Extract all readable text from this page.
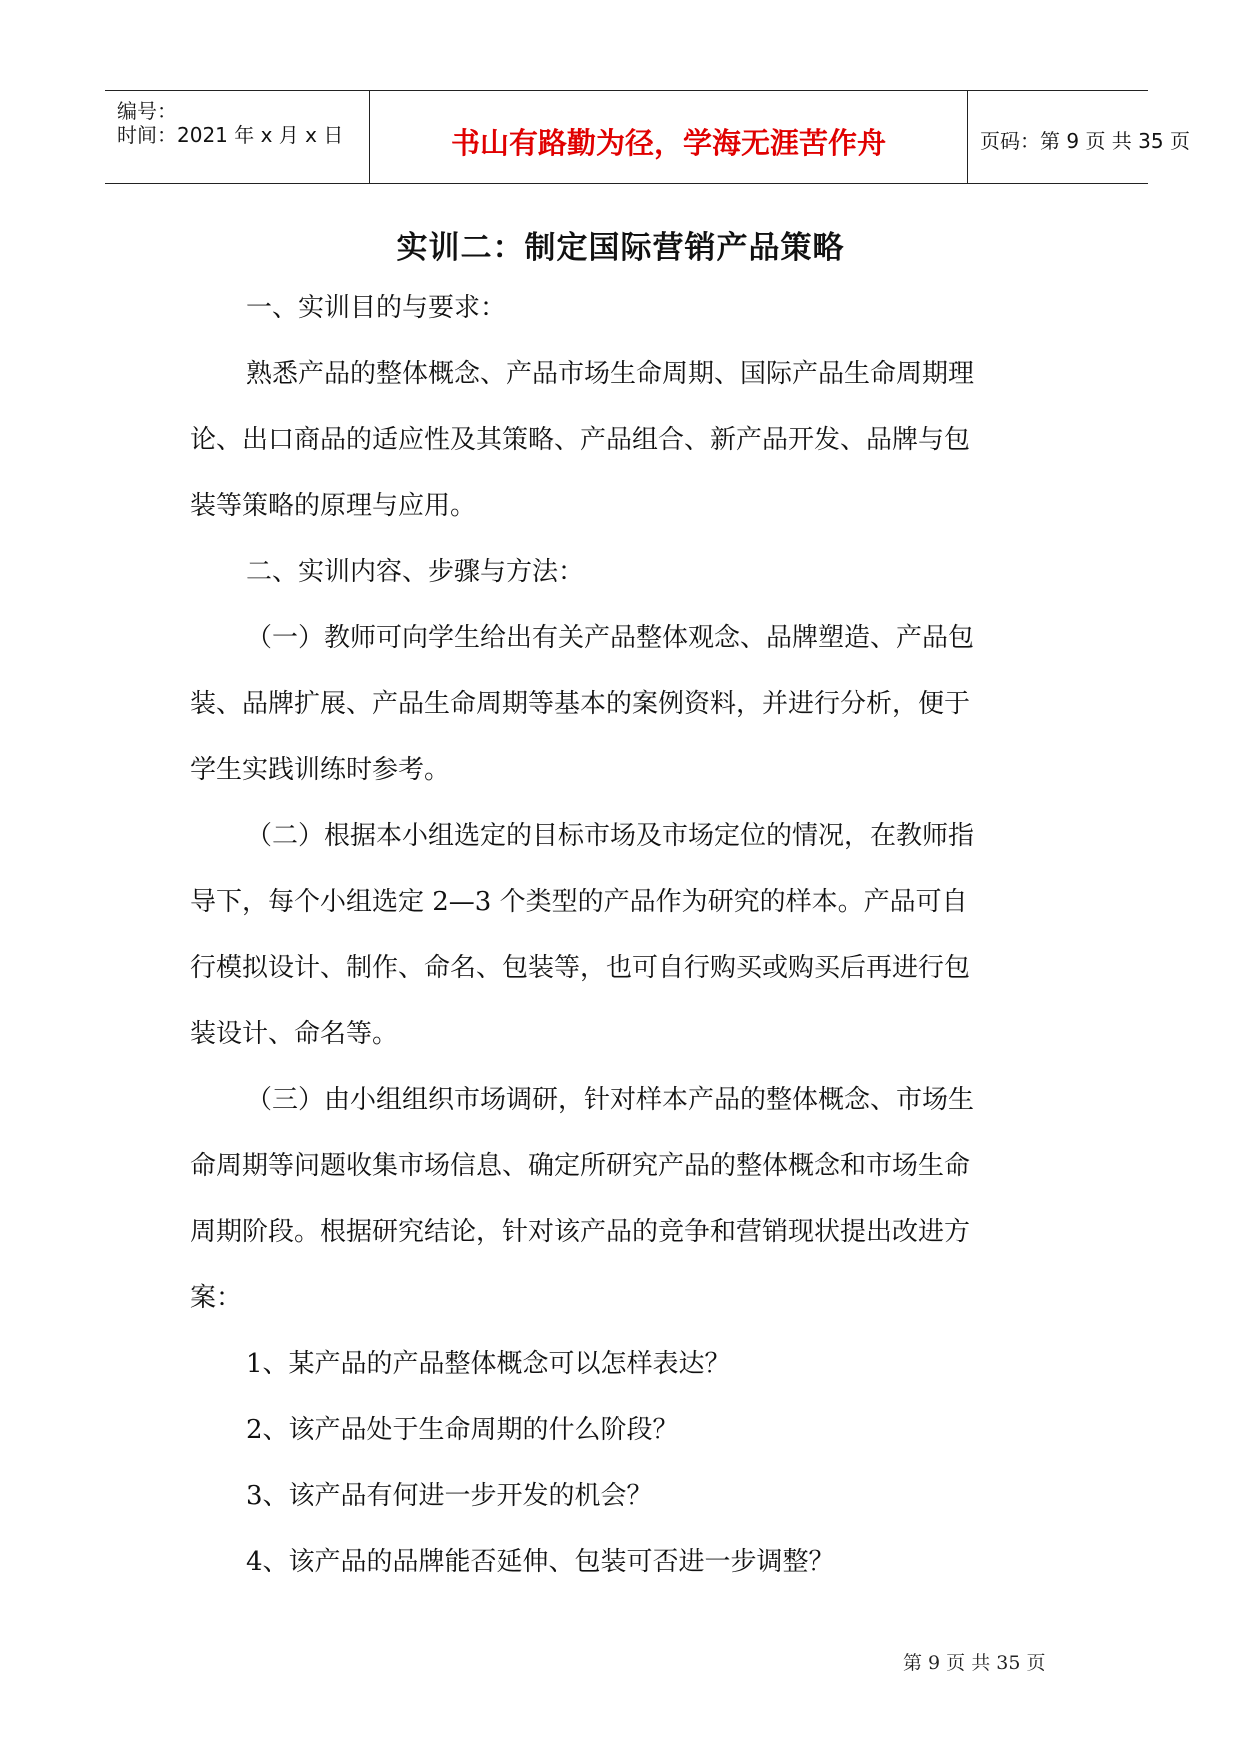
编号：
时间：2021 年 x 月 x 日	书山有路勤为径，学海无涯苦作舟	页码：第 9 页 共 35 页
实训二：制定国际营销产品策略
一、实训目的与要求：
熟悉产品的整体概念、产品市场生命周期、国际产品生命周期理
论、出口商品的适应性及其策略、产品组合、新产品开发、品牌与包
装等策略的原理与应用。
二、实训内容、步骤与方法：
（一）教师可向学生给出有关产品整体观念、品牌塑造、产品包
装、品牌扩展、产品生命周期等基本的案例资料，并进行分析，便于
学生实践训练时参考。
（二）根据本小组选定的目标市场及市场定位的情况，在教师指
导下，每个小组选定 2—3 个类型的产品作为研究的样本。产品可自
行模拟设计、制作、命名、包装等，也可自行购买或购买后再进行包
装设计、命名等。
（三）由小组组织市场调研，针对样本产品的整体概念、市场生
命周期等问题收集市场信息、确定所研究产品的整体概念和市场生命
周期阶段。根据研究结论，针对该产品的竞争和营销现状提出改进方
案：
1、某产品的产品整体概念可以怎样表达？
2、该产品处于生命周期的什么阶段？
3、该产品有何进一步开发的机会？
4、该产品的品牌能否延伸、包装可否进一步调整？
第 9 页 共 35 页
